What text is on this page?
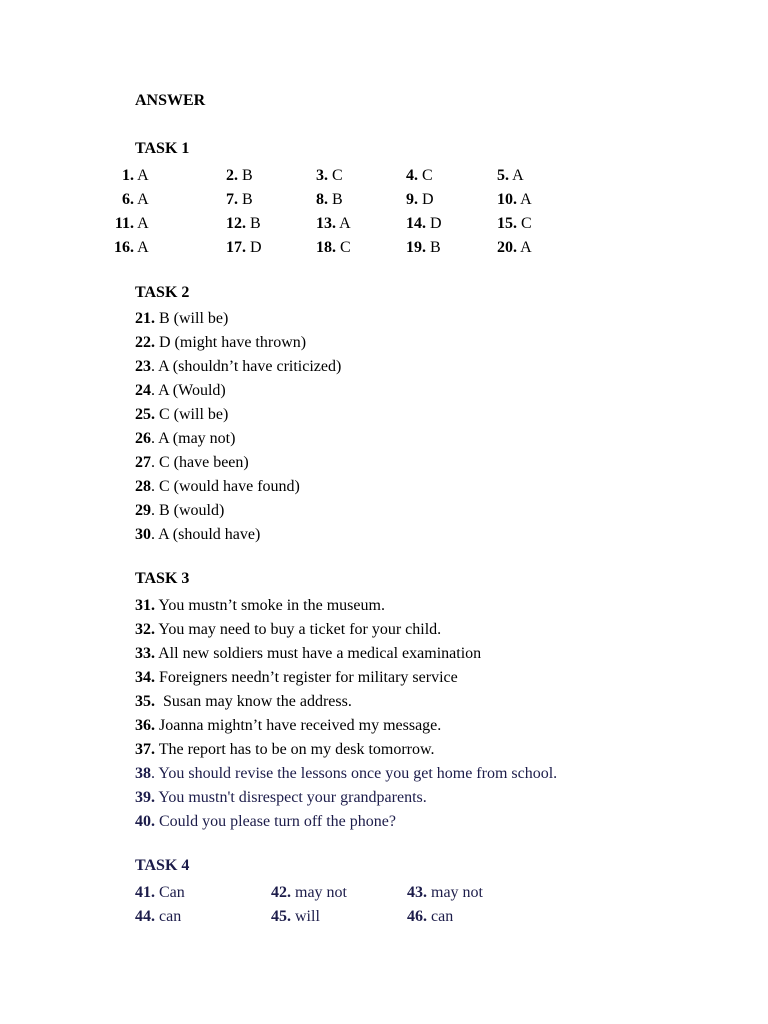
ANSWER
TASK 1
1. A	2. B	3. C	4. C	5. A
6. A	7. B	8. B	9. D	10. A
11. A	12. B	13. A	14. D	15. C
16. A	17. D	18. C	19. B	20. A
TASK 2
21. B (will be)
22. D (might have thrown)
23. A (shouldn’t have criticized)
24. A (Would)
25. C (will be)
26. A (may not)
27. C (have been)
28. C (would have found)
29. B (would)
30. A (should have)
TASK 3
31. You mustn’t smoke in the museum.
32. You may need to buy a ticket for your child.
33. All new soldiers must have a medical examination
34. Foreigners needn’t register for military service
35.  Susan may know the address.
36. Joanna mightn’t have received my message.
37. The report has to be on my desk tomorrow.
38. You should revise the lessons once you get home from school.
39. You mustn't disrespect your grandparents.
40. Could you please turn off the phone?
TASK 4
41. Can	42. may not	43. may not
44. can	45. will	46. can
